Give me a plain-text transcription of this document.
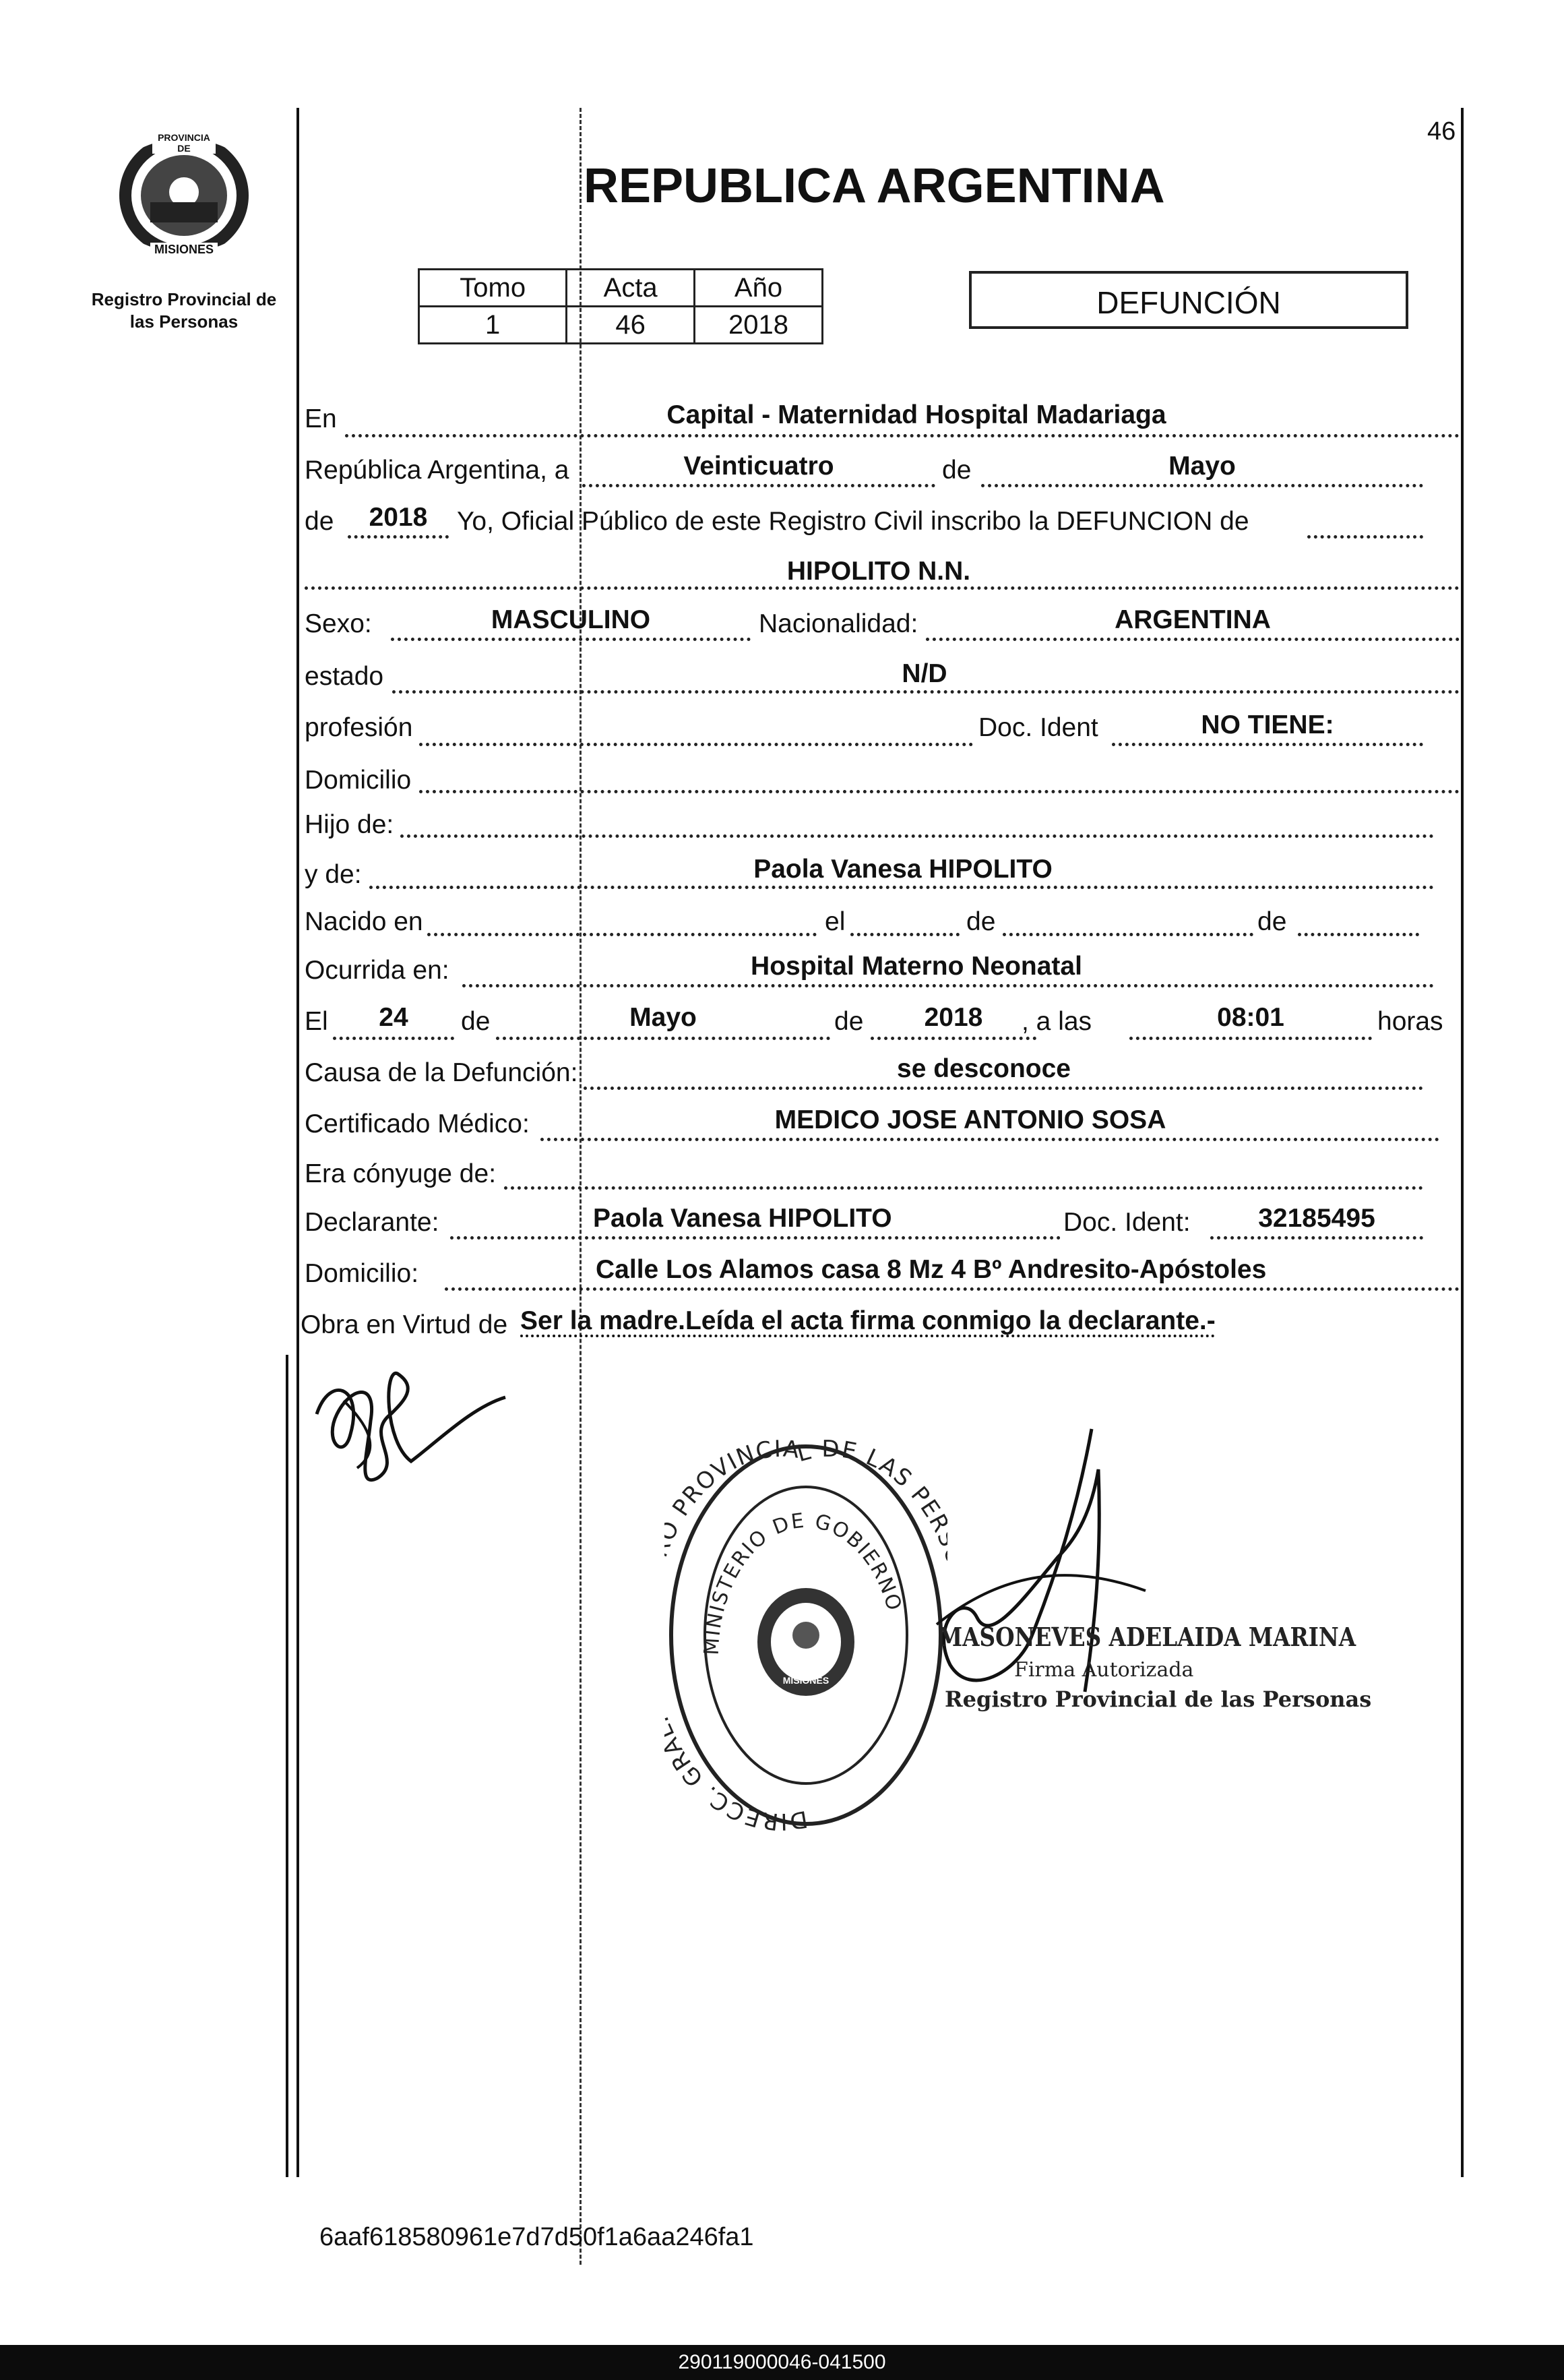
46
PROVINCIA DE
MISIONES
Registro Provincial de las Personas
REPUBLICA ARGENTINA
Tomo	Acta	Año
1	46	2018
DEFUNCIÓN
En	Capital - Maternidad Hospital Madariaga
República Argentina, a	Veinticuatro	de	Mayo
de	2018	Yo, Oficial Público de este Registro Civil inscribo la DEFUNCION de
HIPOLITO N.N.
Sexo:	MASCULINO	Nacionalidad:	ARGENTINA
estado	N/D
profesión	Doc. Ident	NO TIENE:
Domicilio
Hijo de:
y de:	Paola Vanesa HIPOLITO
Nacido en	el	de	de
Ocurrida en:	Hospital Materno Neonatal
El	24	de	Mayo	de	2018	, a las	08:01	horas
Causa de la Defunción:	se desconoce
Certificado Médico:	MEDICO JOSE ANTONIO SOSA
Era cónyuge de:
Declarante:	Paola Vanesa HIPOLITO	Doc. Ident:	32185495
Domicilio:	Calle Los Alamos casa 8 Mz 4 Bº Andresito-Apóstoles
Obra en Virtud de Ser la madre.Leída el acta firma conmigo la declarante.-
DIRECC. GR PROVINCIAL DE LAS PE
MINISTERIO DE GOBIERNO
MISIONES
MASONEVES ADELAIDA MARINA
Firma Autorizada
Registro Provincial de las Personas
6aaf618580961e7d7d50f1a6aa246fa1
290119000046-041500
